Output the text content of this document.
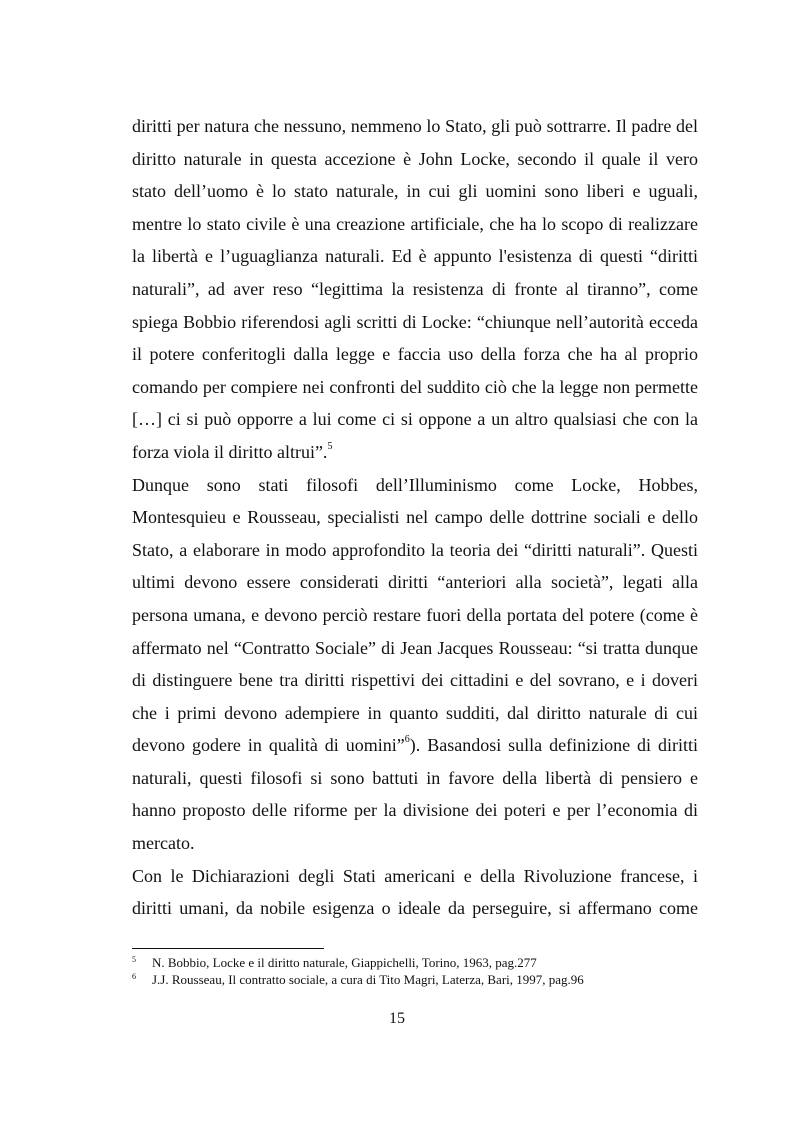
diritti per natura che nessuno, nemmeno lo Stato, gli può sottrarre. Il padre del diritto naturale in questa accezione è John Locke, secondo il quale il vero stato dell’uomo è lo stato naturale, in cui gli uomini sono liberi e uguali, mentre lo stato civile è una creazione artificiale, che ha lo scopo di realizzare la libertà e l’uguaglianza naturali. Ed è appunto l'esistenza di questi “diritti naturali”, ad aver reso “legittima la resistenza di fronte al tiranno”, come spiega Bobbio riferendosi agli scritti di Locke: “chiunque nell’autorità ecceda il potere conferitogli dalla legge e faccia uso della forza che ha al proprio comando per compiere nei confronti del suddito ciò che la legge non permette […] ci si può opporre a lui come ci si oppone a un altro qualsiasi che con la forza viola il diritto altrui”.$^5$

Dunque sono stati filosofi dell’Illuminismo come Locke, Hobbes, Montesquieu e Rousseau, specialisti nel campo delle dottrine sociali e dello Stato, a elaborare in modo approfondito la teoria dei “diritti naturali”. Questi ultimi devono essere considerati diritti “anteriori alla società”, legati alla persona umana, e devono perciò restare fuori della portata del potere (come è affermato nel “Contratto Sociale” di Jean Jacques Rousseau: “si tratta dunque di distinguere bene tra diritti rispettivi dei cittadini e del sovrano, e i doveri che i primi devono adempiere in quanto sudditi, dal diritto naturale di cui devono godere in qualità di uomini”$^6$). Basandosi sulla definizione di diritti naturali, questi filosofi si sono battuti in favore della libertà di pensiero e hanno proposto delle riforme per la divisione dei poteri e per l’economia di mercato.

Con le Dichiarazioni degli Stati americani e della Rivoluzione francese, i diritti umani, da nobile esigenza o ideale da perseguire, si affermano come

5 N. Bobbio, Locke e il diritto naturale, Giappichelli, Torino, 1963, pag.277
6 J.J. Rousseau, Il contratto sociale, a cura di Tito Magri, Laterza, Bari, 1997, pag.96
15
